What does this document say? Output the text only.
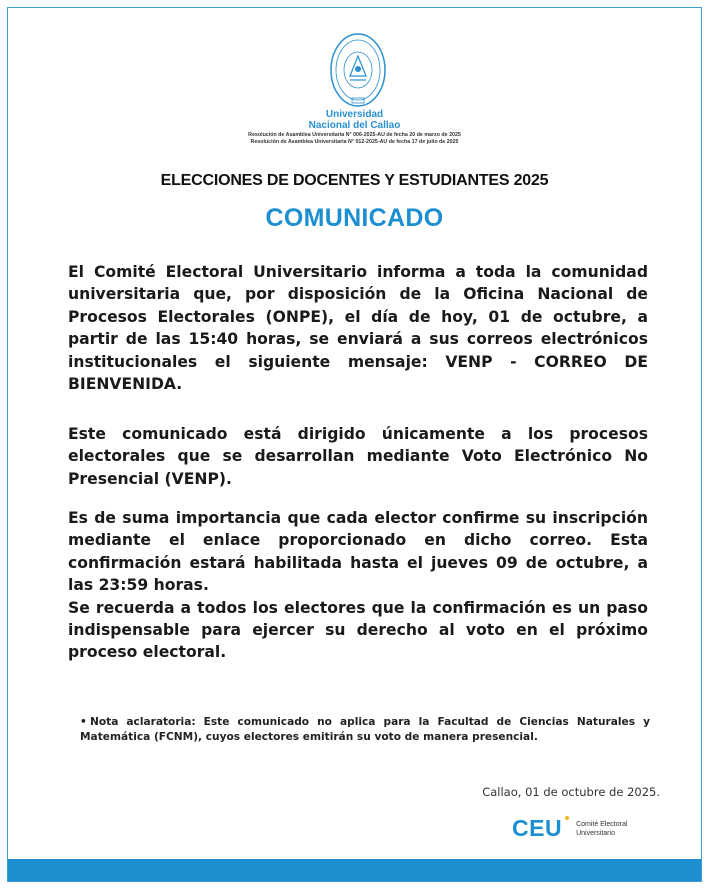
Universidad
Nacional del Callao
Resolución de Asamblea Universitaria N° 006-2025-AU de fecha 20 de marzo de 2025
Resolución de Asamblea Universitaria N° 012-2025-AU de fecha 17 de julio de 2025
ELECCIONES DE DOCENTES Y ESTUDIANTES 2025
COMUNICADO
El Comité Electoral Universitario informa a toda la comunidad universitaria que, por disposición de la Oficina Nacional de Procesos Electorales (ONPE), el día de hoy, 01 de octubre, a partir de las 15:40 horas, se enviará a sus correos electrónicos institucionales el siguiente mensaje: VENP - CORREO DE BIENVENIDA.
Este comunicado está dirigido únicamente a los procesos electorales que se desarrollan mediante Voto Electrónico No Presencial (VENP).
Es de suma importancia que cada elector confirme su inscripción mediante el enlace proporcionado en dicho correo. Esta confirmación estará habilitada hasta el jueves 09 de octubre, a las 23:59 horas.
Se recuerda a todos los electores que la confirmación es un paso indispensable para ejercer su derecho al voto en el próximo proceso electoral.
• Nota aclaratoria: Este comunicado no aplica para la Facultad de Ciencias Naturales y Matemática (FCNM), cuyos electores emitirán su voto de manera presencial.
Callao, 01 de octubre de 2025.
CEU Comité Electoral
Universitario
